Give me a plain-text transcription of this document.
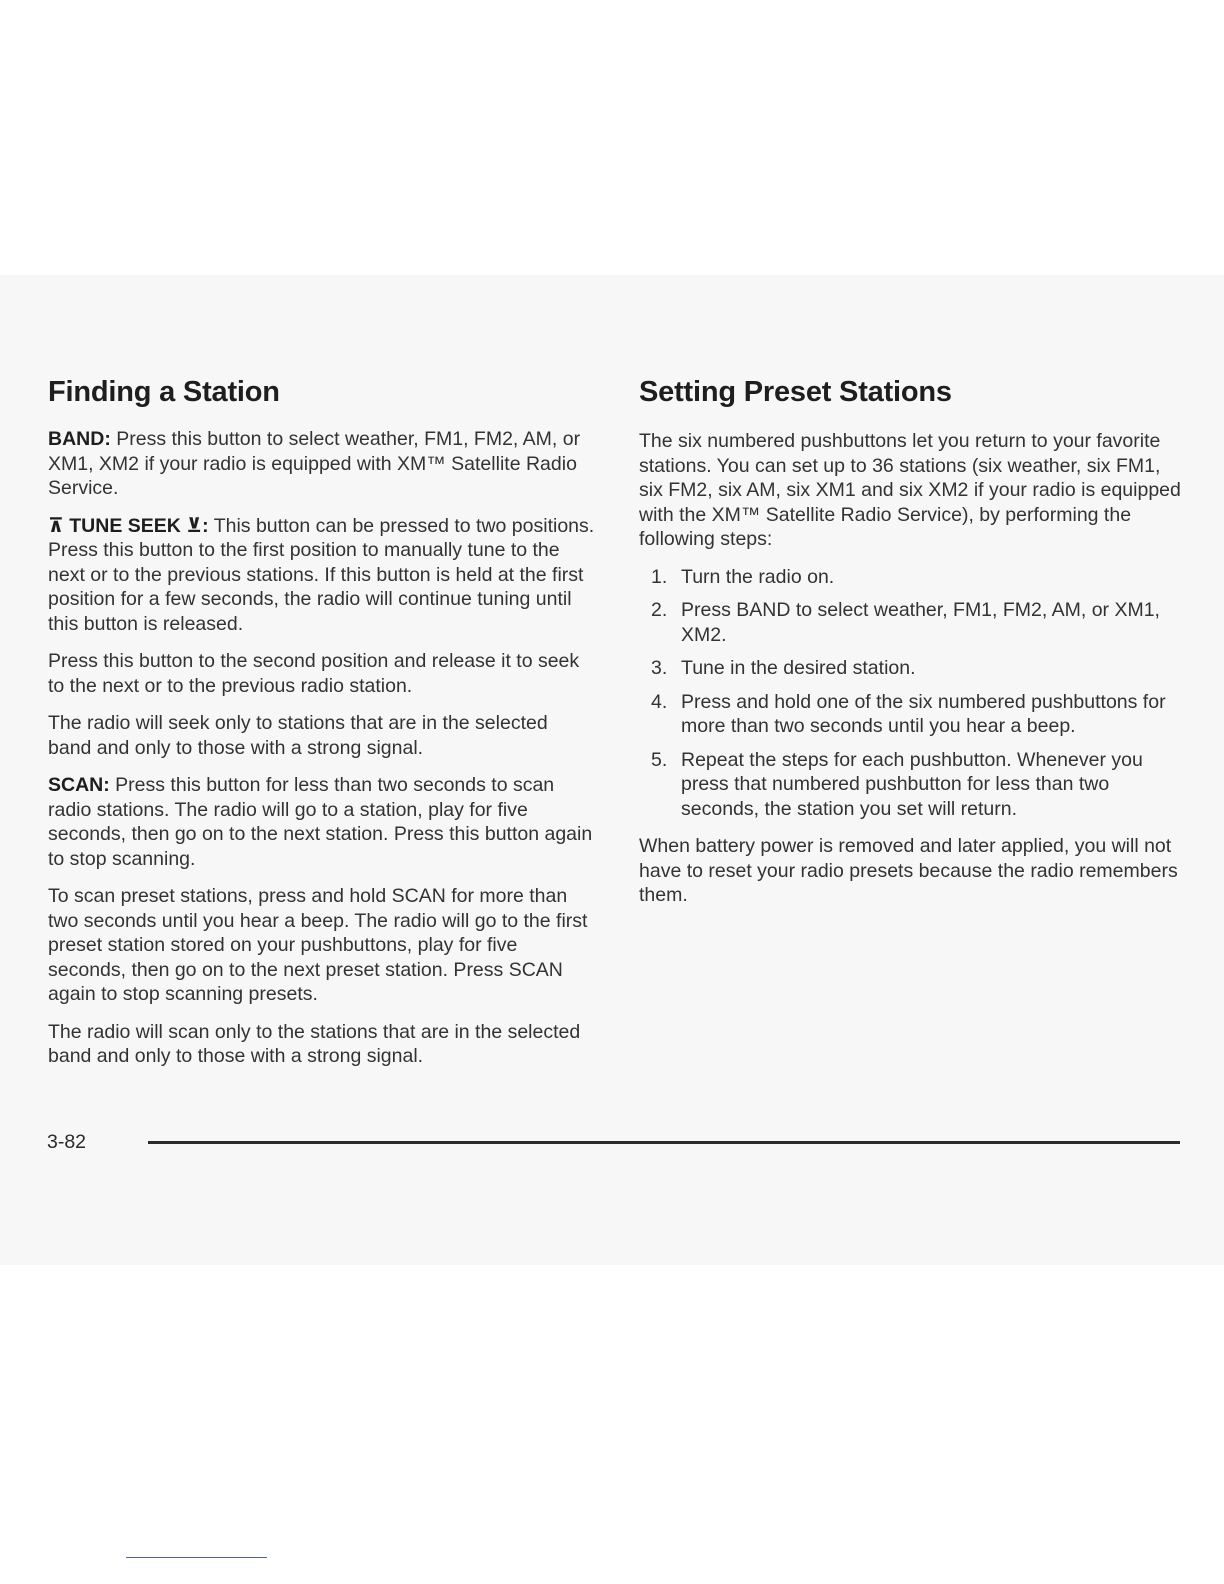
Finding a Station

BAND: Press this button to select weather, FM1, FM2, AM, or XM1, XM2 if your radio is equipped with XM™ Satellite Radio Service.

⊼ TUNE SEEK ⊻: This button can be pressed to two positions. Press this button to the first position to manually tune to the next or to the previous stations. If this button is held at the first position for a few seconds, the radio will continue tuning until this button is released.

Press this button to the second position and release it to seek to the next or to the previous radio station.

The radio will seek only to stations that are in the selected band and only to those with a strong signal.

SCAN: Press this button for less than two seconds to scan radio stations. The radio will go to a station, play for five seconds, then go on to the next station. Press this button again to stop scanning.

To scan preset stations, press and hold SCAN for more than two seconds until you hear a beep. The radio will go to the first preset station stored on your pushbuttons, play for five seconds, then go on to the next preset station. Press SCAN again to stop scanning presets.

The radio will scan only to the stations that are in the selected band and only to those with a strong signal.

Setting Preset Stations

The six numbered pushbuttons let you return to your favorite stations. You can set up to 36 stations (six weather, six FM1, six FM2, six AM, six XM1 and six XM2 if your radio is equipped with the XM™ Satellite Radio Service), by performing the following steps:

1. Turn the radio on.
2. Press BAND to select weather, FM1, FM2, AM, or XM1, XM2.
3. Tune in the desired station.
4. Press and hold one of the six numbered pushbuttons for more than two seconds until you hear a beep.
5. Repeat the steps for each pushbutton. Whenever you press that numbered pushbutton for less than two seconds, the station you set will return.

When battery power is removed and later applied, you will not have to reset your radio presets because the radio remembers them.

3-82
